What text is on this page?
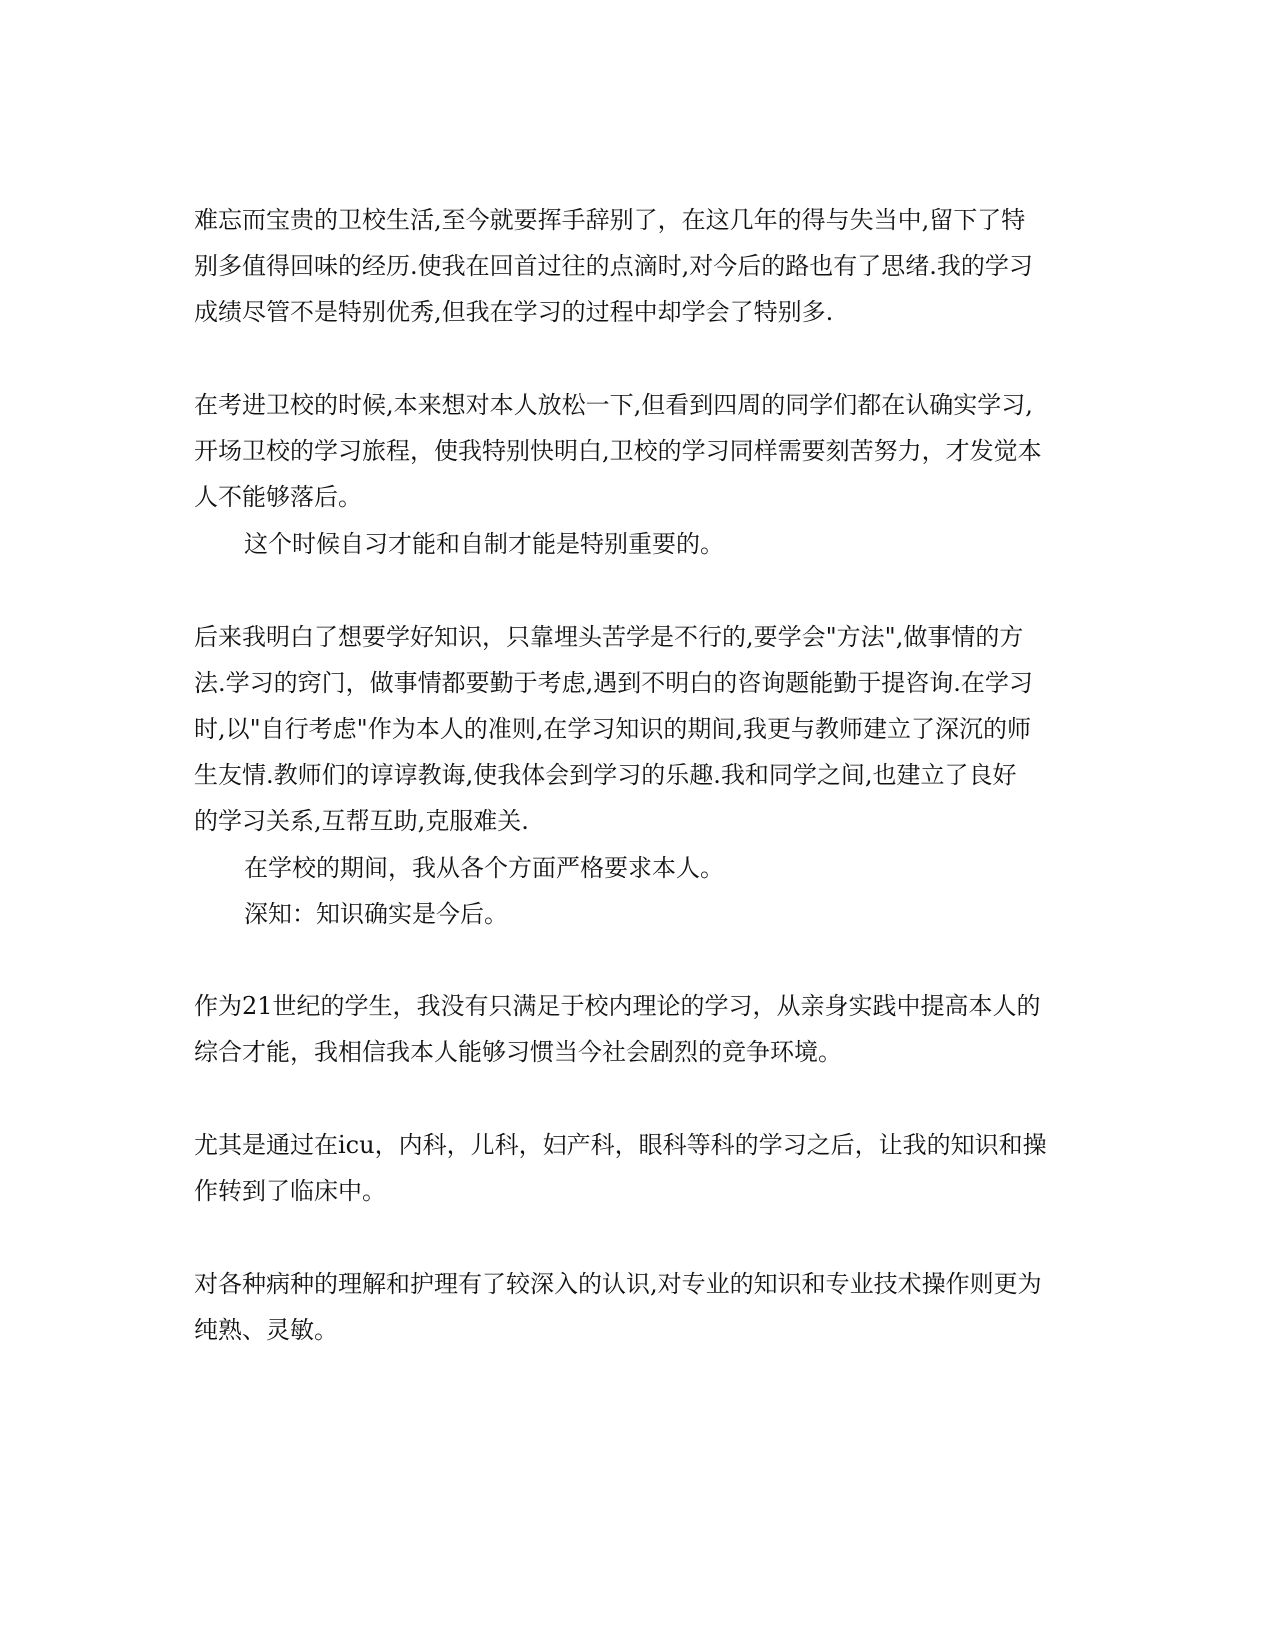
难忘而宝贵的卫校生活,至今就要挥手辞别了，在这几年的得与失当中,留下了特
别多值得回味的经历.使我在回首过往的点滴时,对今后的路也有了思绪.我的学习
成绩尽管不是特别优秀,但我在学习的过程中却学会了特别多.
在考进卫校的时候,本来想对本人放松一下,但看到四周的同学们都在认确实学习,
开场卫校的学习旅程，使我特别快明白,卫校的学习同样需要刻苦努力，才发觉本
人不能够落后。
这个时候自习才能和自制才能是特别重要的。
后来我明白了想要学好知识，只靠埋头苦学是不行的,要学会"方法",做事情的方
法.学习的窍门，做事情都要勤于考虑,遇到不明白的咨询题能勤于提咨询.在学习
时,以"自行考虑"作为本人的准则,在学习知识的期间,我更与教师建立了深沉的师
生友情.教师们的谆谆教诲,使我体会到学习的乐趣.我和同学之间,也建立了良好
的学习关系,互帮互助,克服难关.
在学校的期间，我从各个方面严格要求本人。
深知：知识确实是今后。
作为21世纪的学生，我没有只满足于校内理论的学习，从亲身实践中提高本人的
综合才能，我相信我本人能够习惯当今社会剧烈的竞争环境。
尤其是通过在icu，内科，儿科，妇产科，眼科等科的学习之后，让我的知识和操
作转到了临床中。
对各种病种的理解和护理有了较深入的认识,对专业的知识和专业技术操作则更为
纯熟、灵敏。
